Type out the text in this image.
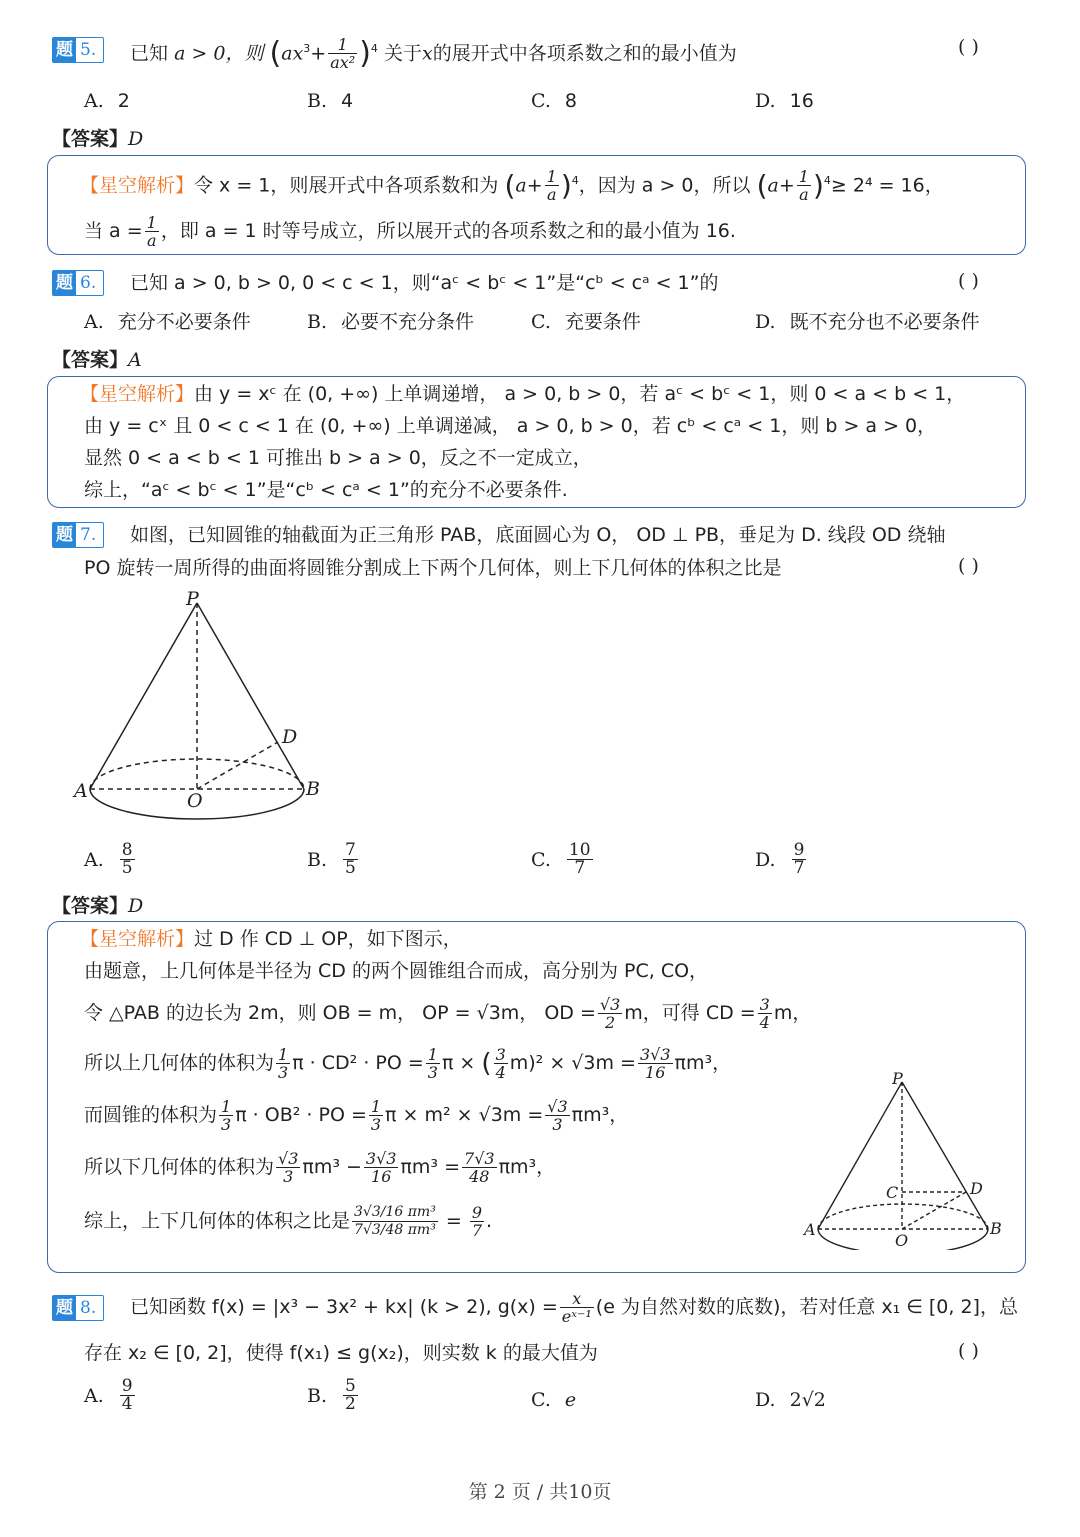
题 5.	已知 a > 0，则 $(ax^3+ \frac{1}{\text{ax²}} )^4$ 关于x的展开式中各项系数之和的最小值为	( )
A. 2	B. 4	C. 8	D. 16
【答案】D
【星空解析】令 x = 1，则展开式中各项系数和为 $(a+ \frac{1}{a} )^4$，因为 a > 0，所以 $(a+ \frac{1}{a} )^4\ge 2^4 = 16$，
当 $a = \frac{1}{a}$ ，即 a = 1 时等号成立，所以展开式的各项系数之和的最小值为 16.
题 6.	已知 a > 0, b > 0, 0 < c < 1，则“aᶜ < bᶜ < 1”是“cᵇ < cᵃ < 1”的	( )
A. 充分不必要条件	B. 必要不充分条件	C. 充要条件	D. 既不充分也不必要条件
【答案】A
【星空解析】由 y = xᶜ 在 (0, +∞) 上单调递增， a > 0, b > 0，若 aᶜ < bᶜ < 1，则 0 < a < b < 1，
由 y = cˣ 且 0 < c < 1 在 (0, +∞) 上单调递减， a > 0, b > 0，若 cᵇ < cᵃ < 1，则 b > a > 0，
显然 0 < a < b < 1 可推出 b > a > 0，反之不一定成立，
综上，“aᶜ < bᶜ < 1”是“cᵇ < cᵃ < 1”的充分不必要条件.
题 7.	如图，已知圆锥的轴截面为正三角形 PAB，底面圆心为 O， OD ⊥ PB，垂足为 D. 线段 OD 绕轴
PO 旋转一周所得的曲面将圆锥分割成上下两个几何体，则上下几何体的体积之比是	( )
P
A	B
O
D
A. $\frac{8}{5}$	B. $\frac{7}{5}$	C. $\frac{10}{7}$	D. $\frac{9}{7}$
【答案】D
【星空解析】过 D 作 CD ⊥ OP，如下图示，
由题意，上几何体是半径为 CD 的两个圆锥组合而成，高分别为 PC, CO，
令 △PAB 的边长为 2m，则 OB = m， OP = √3m， OD = $\frac{√3}{2}$ m，可得 CD = $\frac{3}{4}$ m，
所以上几何体的体积为 $\frac{1}{3}$ π · CD² · PO = $\frac{1}{3}$ π × ( $\frac{3}{4} m)^2 \times √3m = \frac{3√3}{16} \pi m^3$，
而圆锥的体积为 $\frac{1}{3}$ π · OB² · PO = $\frac{1}{3}$ $\pi \times m^2 \times √3m = \frac{√3}{3} \pi m^3$，
所以下几何体的体积为 $\frac{√3}{3} \pi m^3 - \frac{3√3}{16} \pi m^3 = \frac{7√3}{48} \pi m^3$，
综上，上下几何体的体积之比是 $\frac{\text{3√3/16 πm³}}{\text{7√3/48 πm³}} = \frac{9}{7}$ .
P
A	B
O
D
C
题 8.	已知函数 f(x) = |x³ − 3x² + kx| (k > 2), $g(x) = \frac{x}{\text{eˣ⁻¹}} (e$ 为自然对数的底数)，若对任意 x₁ ∈ [0, 2]，总
存在 x₂ ∈ [0, 2]，使得 f(x₁) ≤ g(x₂)，则实数 k 的最大值为	( )
A. $\frac{9}{4}$	B. $\frac{5}{2}$	C. e	D. 2√2
第 2 页 / 共10页
